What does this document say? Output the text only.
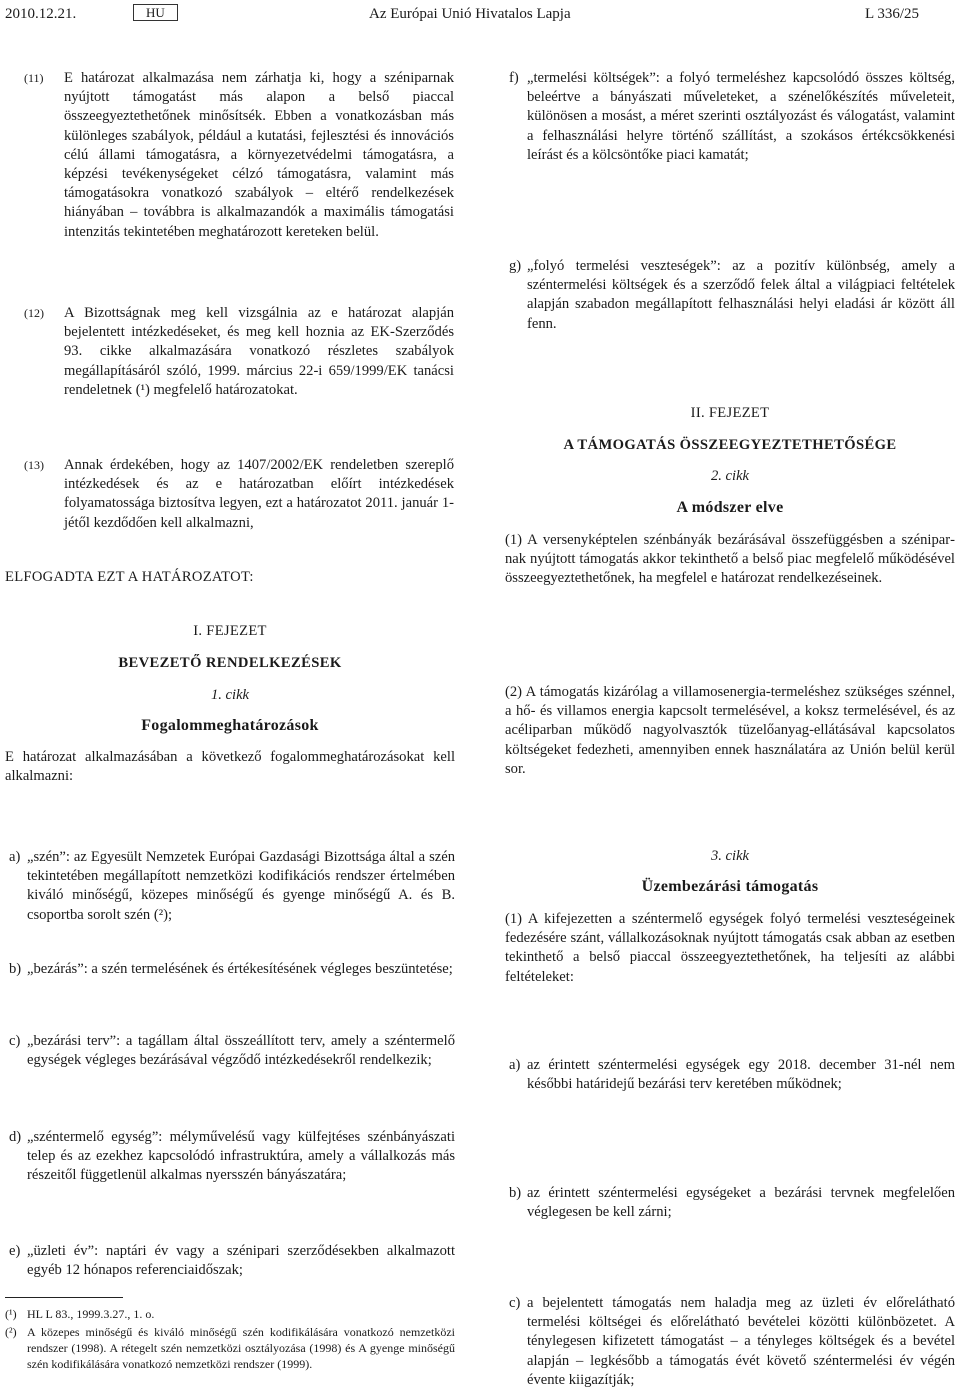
2010.12.21.	HU	Az Európai Unió Hivatalos Lapja	L 336/25
(11) E határozat alkalmazása nem zárhatja ki, hogy a széniparnak nyújtott támogatást más alapon a belső piaccal összeegyeztethetőnek minősítsék. Ebben a vonatkozásban más különleges szabályok, például a kutatási, fejlesztési és innovációs célú állami támogatásra, a környezetvédelmi támogatásra, a képzési tevékenységeket célzó támogatásra, valamint más támogatásokra vonatkozó szabályok – eltérő rendelkezések hiányában – továbbra is alkalmazandók a maximális támogatási intenzitás tekintetében meghatározott kereteken belül.
(12) A Bizottságnak meg kell vizsgálnia az e határozat alapján bejelentett intézkedéseket, és meg kell hoznia az EK-Szerződés 93. cikke alkalmazására vonatkozó részletes szabályok megállapításáról szóló, 1999. március 22-i 659/1999/EK tanácsi rendeletnek (¹) megfelelő határozatokat.
(13) Annak érdekében, hogy az 1407/2002/EK rendeletben szereplő intézkedések és az e határozatban előírt intézkedések folyamatossága biztosítva legyen, ezt a határozatot 2011. január 1-jétől kezdődően kell alkalmazni,
ELFOGADTA EZT A HATÁROZATOT:
I. FEJEZET
BEVEZETŐ RENDELKEZÉSEK
1. cikk
Fogalommeghatározások
E határozat alkalmazásában a következő fogalommeghatározásokat kell alkalmazni:
a) „szén”: az Egyesült Nemzetek Európai Gazdasági Bizottsága által a szén tekintetében megállapított nemzetközi kodifikációs rendszer értelmében kiváló minőségű, közepes minőségű és gyenge minőségű A. és B. csoportba sorolt szén (²);
b) „bezárás”: a szén termelésének és értékesítésének végleges beszüntetése;
c) „bezárási terv”: a tagállam által összeállított terv, amely a széntermelő egységek végleges bezárásával végződő intézkedésekről rendelkezik;
d) „széntermelő egység”: mélyművelésű vagy külfejtéses szénbányászati telep és az ezekhez kapcsolódó infrastruktúra, amely a vállalkozás más részeitől függetlenül alkalmas nyersszén bányászatára;
e) „üzleti év”: naptári év vagy a szénipari szerződésekben alkalmazott egyéb 12 hónapos referenciaidőszak;
(¹) HL L 83., 1999.3.27., 1. o.
(²) A közepes minőségű és kiváló minőségű szén kodifikálására vonatkozó nemzetközi rendszer (1998). A rétegelt szén nemzetközi osztályozása (1998) és A gyenge minőségű szén kodifikálására vonatkozó nemzetközi rendszer (1999).
f) „termelési költségek”: a folyó termeléshez kapcsolódó összes költség, beleértve a bányászati műveleteket, a szénelőkészítés műveleteit, különösen a mosást, a méret szerinti osztályozást és válogatást, valamint a felhasználási helyre történő szállítást, a szokásos értékcsökkenési leírást és a kölcsöntőke piaci kamatát;
g) „folyó termelési veszteségek”: az a pozitív különbség, amely a széntermelési költségek és a szerződő felek által a világpiaci feltételek alapján szabadon megállapított felhasználási helyi eladási ár között áll fenn.
II. FEJEZET
A TÁMOGATÁS ÖSSZEEGYEZTETHETŐSÉGE
2. cikk
A módszer elve
(1) A versenyképtelen szénbányák bezárásával összefüggésben a széniparnak nyújtott támogatás akkor tekinthető a belső piac megfelelő működésével összeegyeztethetőnek, ha megfelel e határozat rendelkezéseinek.
(2) A támogatás kizárólag a villamosenergia-termeléshez szükséges szénnel, a hő- és villamos energia kapcsolt termelésével, a koksz termelésével, és az acéliparban működő nagyolvasztók tüzelőanyag-ellátásával kapcsolatos költségeket fedezheti, amennyiben ennek használatára az Unión belül kerül sor.
3. cikk
Üzembezárási támogatás
(1) A kifejezetten a széntermelő egységek folyó termelési veszteségeinek fedezésére szánt, vállalkozásoknak nyújtott támogatás csak abban az esetben tekinthető a belső piaccal összeegyeztethetőnek, ha teljesíti az alábbi feltételeket:
a) az érintett széntermelési egységek egy 2018. december 31-nél nem későbbi határidejű bezárási terv keretében működnek;
b) az érintett széntermelési egységeket a bezárási tervnek megfelelően véglegesen be kell zárni;
c) a bejelentett támogatás nem haladja meg az üzleti év előrelátható termelési költségei és előrelátható bevételei közötti különbözetet. A ténylegesen kifizetett támogatást – a tényleges költségek és a bevétel alapján – legkésőbb a támogatás évét követő széntermelési év végén évente kiigazítják;
